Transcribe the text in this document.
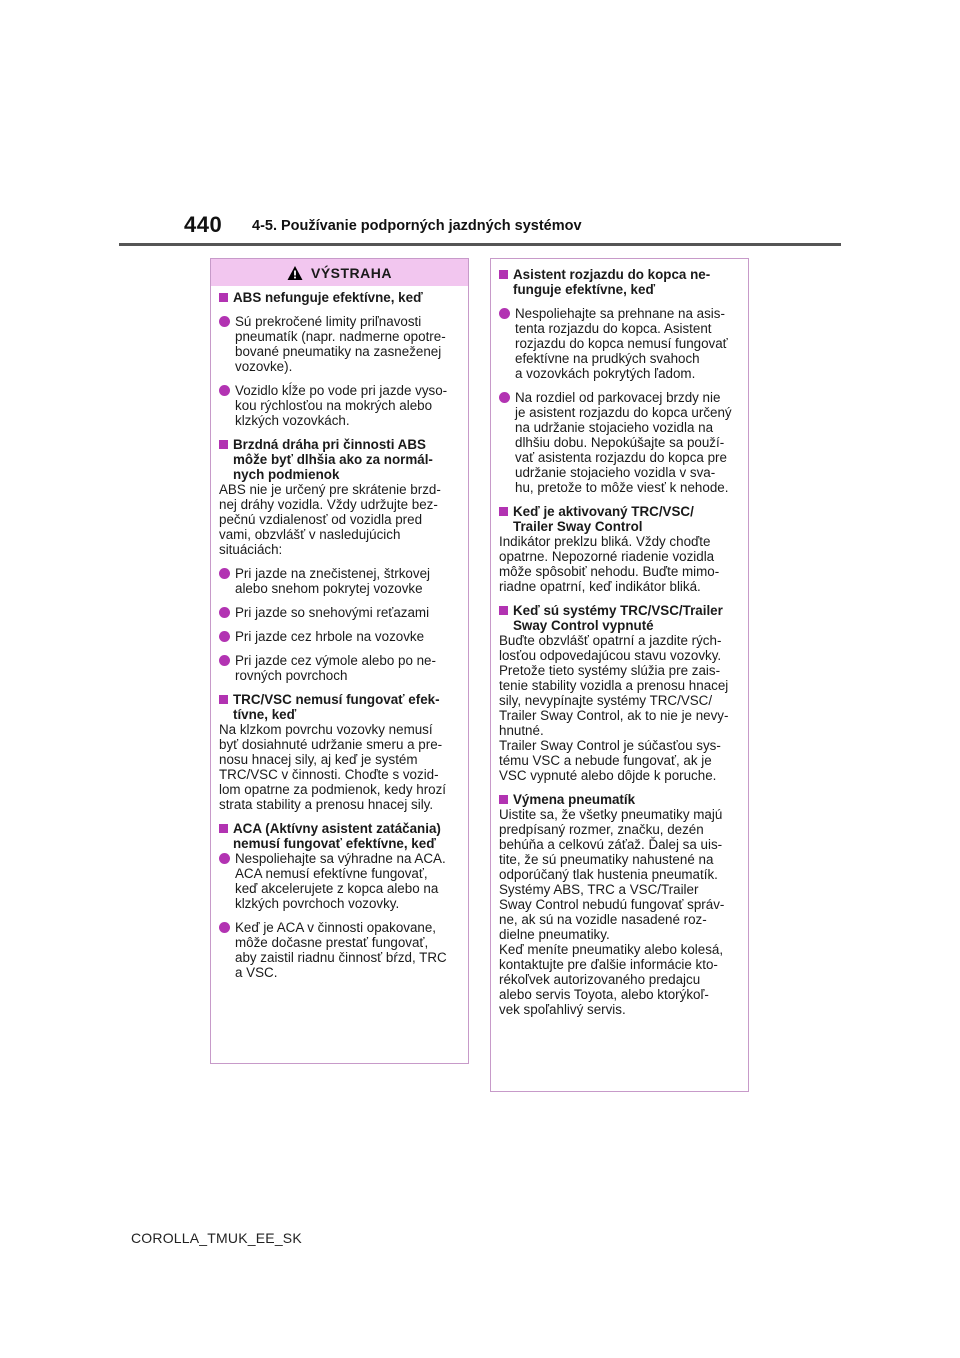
440 4-5. Používanie podporných jazdných systémov
VÝSTRAHA
ABS nefunguje efektívne, keď
Sú prekročené limity priľnavosti
pneumatík (napr. nadmerne opotre-
bované pneumatiky na zasneženej
vozovke).
Vozidlo kĺže po vode pri jazde vyso-
kou rýchlosťou na mokrých alebo
klzkých vozovkách.
Brzdná dráha pri činnosti ABS
môže byť dlhšia ako za normál-
nych podmienok
ABS nie je určený pre skrátenie brzd-
nej dráhy vozidla. Vždy udržujte bez-
pečnú vzdialenosť od vozidla pred
vami, obzvlášť v nasledujúcich
situáciách:
Pri jazde na znečistenej, štrkovej
alebo snehom pokrytej vozovke
Pri jazde so snehovými reťazami
Pri jazde cez hrbole na vozovke
Pri jazde cez výmole alebo po ne-
rovných povrchoch
TRC/VSC nemusí fungovať efek-
tívne, keď
Na klzkom povrchu vozovky nemusí
byť dosiahnuté udržanie smeru a pre-
nosu hnacej sily, aj keď je systém
TRC/VSC v činnosti. Choďte s vozid-
lom opatrne za podmienok, kedy hrozí
strata stability a prenosu hnacej sily.
ACA (Aktívny asistent zatáčania)
nemusí fungovať efektívne, keď
Nespoliehajte sa výhradne na ACA.
ACA nemusí efektívne fungovať,
keď akcelerujete z kopca alebo na
klzkých povrchoch vozovky.
Keď je ACA v činnosti opakovane,
môže dočasne prestať fungovať,
aby zaistil riadnu činnosť bŕzd, TRC
a VSC.
Asistent rozjazdu do kopca ne-
funguje efektívne, keď
Nespoliehajte sa prehnane na asis-
tenta rozjazdu do kopca. Asistent
rozjazdu do kopca nemusí fungovať
efektívne na prudkých svahoch
a vozovkách pokrytých ľadom.
Na rozdiel od parkovacej brzdy nie
je asistent rozjazdu do kopca určený
na udržanie stojacieho vozidla na
dlhšiu dobu. Nepokúšajte sa použí-
vať asistenta rozjazdu do kopca pre
udržanie stojacieho vozidla v sva-
hu, pretože to môže viesť k nehode.
Keď je aktivovaný TRC/VSC/
Trailer Sway Control
Indikátor preklzu bliká. Vždy choďte
opatrne. Nepozorné riadenie vozidla
môže spôsobiť nehodu. Buďte mimo-
riadne opatrní, keď indikátor bliká.
Keď sú systémy TRC/VSC/Trailer
Sway Control vypnuté
Buďte obzvlášť opatrní a jazdite rých-
losťou odpovedajúcou stavu vozovky.
Pretože tieto systémy slúžia pre zais-
tenie stability vozidla a prenosu hnacej
sily, nevypínajte systémy TRC/VSC/
Trailer Sway Control, ak to nie je nevy-
hnutné.
Trailer Sway Control je súčasťou sys-
tému VSC a nebude fungovať, ak je
VSC vypnuté alebo dôjde k poruche.
Výmena pneumatík
Uistite sa, že všetky pneumatiky majú
predpísaný rozmer, značku, dezén
behúňa a celkovú záťaž. Ďalej sa uis-
tite, že sú pneumatiky nahustené na
odporúčaný tlak hustenia pneumatík.
Systémy ABS, TRC a VSC/Trailer
Sway Control nebudú fungovať správ-
ne, ak sú na vozidle nasadené roz-
dielne pneumatiky.
Keď meníte pneumatiky alebo kolesá,
kontaktujte pre ďalšie informácie kto-
rékoľvek autorizovaného predajcu
alebo servis Toyota, alebo ktorýkoľ-
vek spoľahlivý servis.
COROLLA_TMUK_EE_SK
